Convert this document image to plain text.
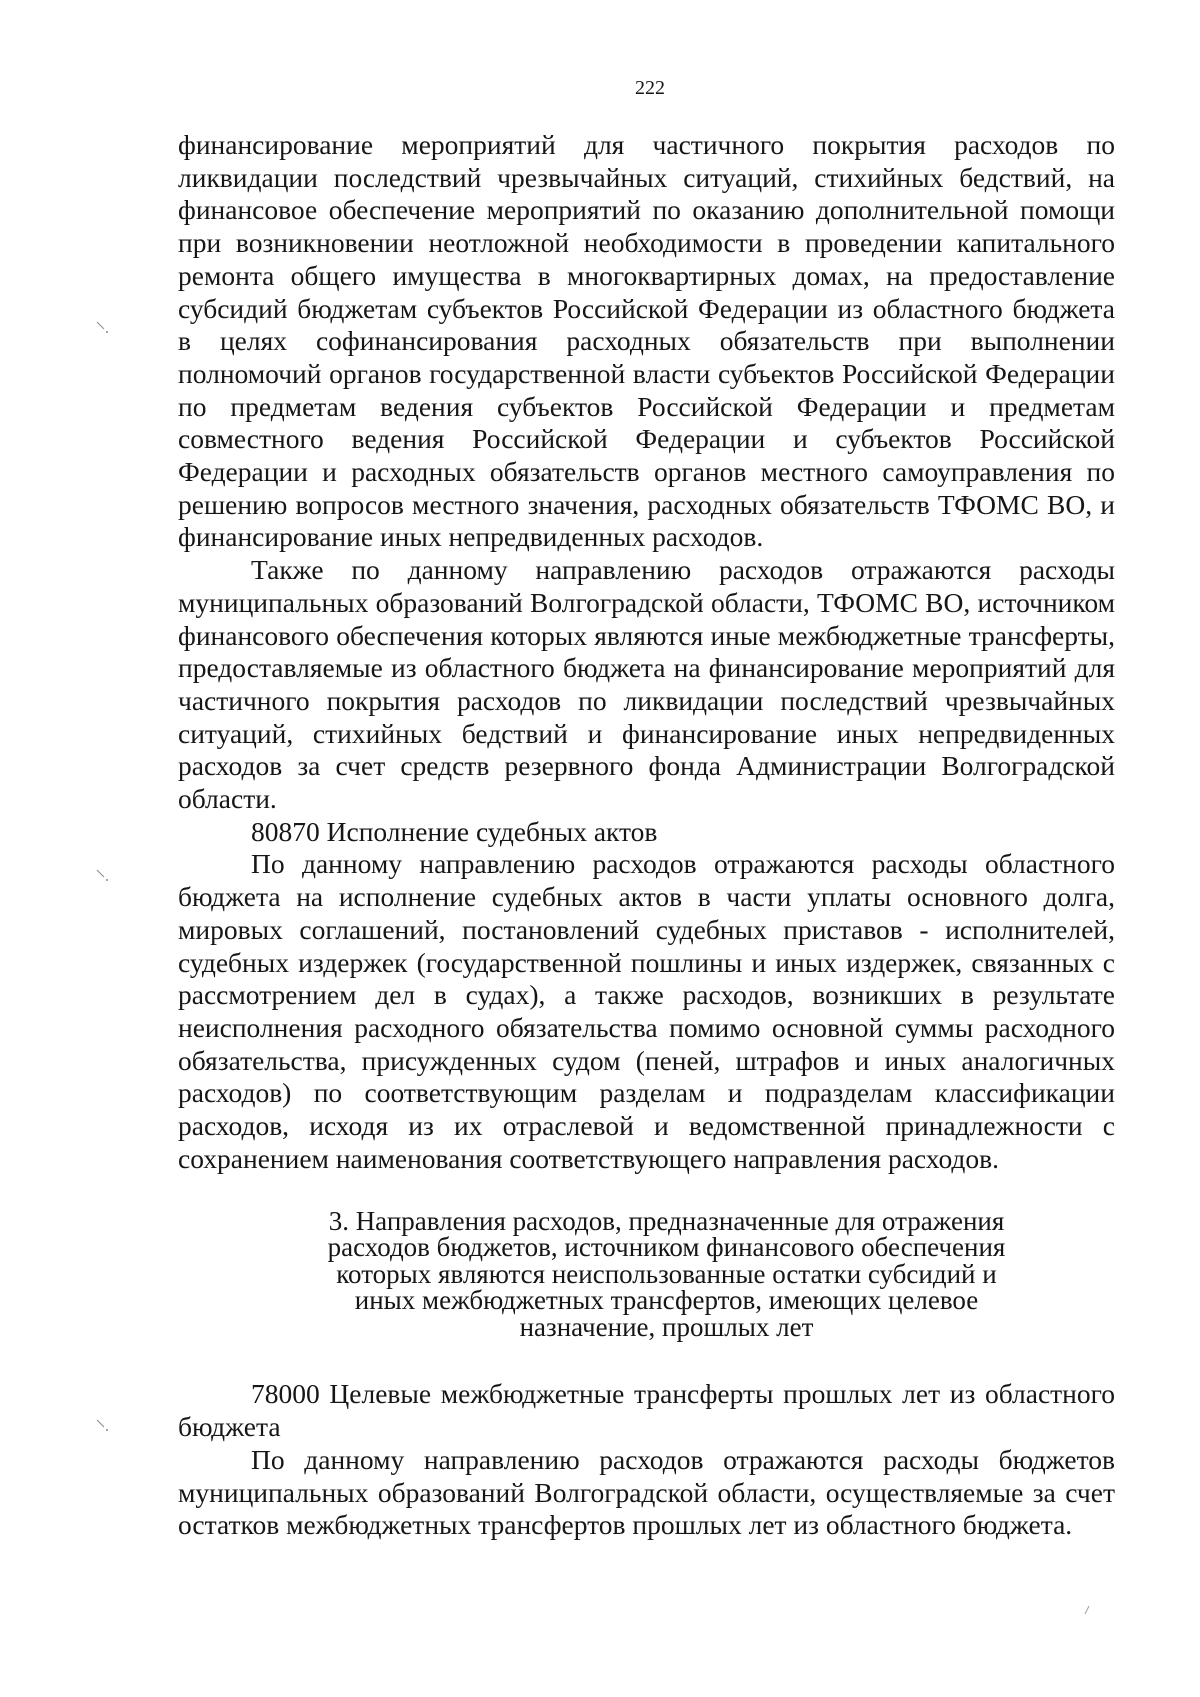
222

финансирование мероприятий для частичного покрытия расходов по ликвидации последствий чрезвычайных ситуаций, стихийных бедствий, на финансовое обеспечение мероприятий по оказанию дополнительной помощи при возникновении неотложной необходимости в проведении капитального ремонта общего имущества в многоквартирных домах, на предоставление субсидий бюджетам субъектов Российской Федерации из областного бюджета в целях софинансирования расходных обязательств при выполнении полномочий органов государственной власти субъектов Российской Федерации по предметам ведения субъектов Российской Федерации и предметам совместного ведения Российской Федерации и субъектов Российской Федерации и расходных обязательств органов местного самоуправления по решению вопросов местного значения, расходных обязательств ТФОМС ВО, и финансирование иных непредвиденных расходов.

Также по данному направлению расходов отражаются расходы муниципальных образований Волгоградской области, ТФОМС ВО, источником финансового обеспечения которых являются иные межбюджетные трансферты, предоставляемые из областного бюджета на финансирование мероприятий для частичного покрытия расходов по ликвидации последствий чрезвычайных ситуаций, стихийных бедствий и финансирование иных непредвиденных расходов за счет средств резервного фонда Администрации Волгоградской области.

80870 Исполнение судебных актов

По данному направлению расходов отражаются расходы областного бюджета на исполнение судебных актов в части уплаты основного долга, мировых соглашений, постановлений судебных приставов - исполнителей, судебных издержек (государственной пошлины и иных издержек, связанных с рассмотрением дел в судах), а также расходов, возникших в результате неисполнения расходного обязательства помимо основной суммы расходного обязательства, присужденных судом (пеней, штрафов и иных аналогичных расходов) по соответствующим разделам и подразделам классификации расходов, исходя из их отраслевой и ведомственной принадлежности с сохранением наименования соответствующего направления расходов.

3. Направления расходов, предназначенные для отражения расходов бюджетов, источником финансового обеспечения которых являются неиспользованные остатки субсидий и иных межбюджетных трансфертов, имеющих целевое назначение, прошлых лет

78000 Целевые межбюджетные трансферты прошлых лет из областного бюджета

По данному направлению расходов отражаются расходы бюджетов муниципальных образований Волгоградской области, осуществляемые за счет остатков межбюджетных трансфертов прошлых лет из областного бюджета.
